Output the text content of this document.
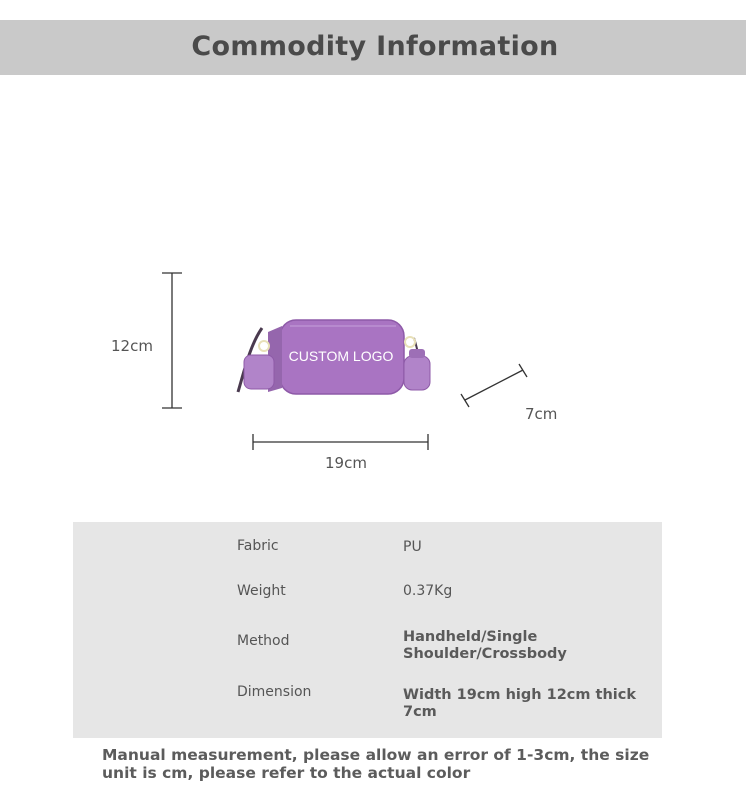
Commodity Information
CUSTOM LOGO
12cm
19cm
7cm
Fabric	PU
Weight	0.37Kg
Method	Handheld/Single Shoulder/Crossbody
Dimension	Width 19cm high 12cm thick 7cm
Manual measurement, please allow an error of 1-3cm, the size unit is cm, please refer to the actual color
